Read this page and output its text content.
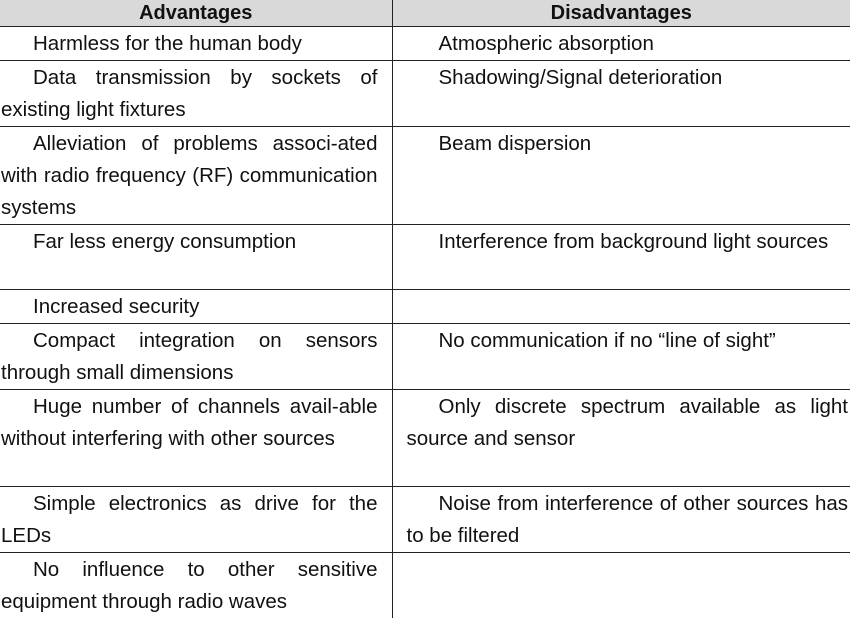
Advantages	Disadvantages
Harmless for the human body	Atmospheric absorption
Data transmission by sockets of existing light fixtures	Shadowing/Signal deterioration
Alleviation of problems associ-ated with radio frequency (RF) communication systems	Beam dispersion
Far less energy consumption	Interference from background light sources
Increased security	
Compact integration on sensors through small dimensions	No communication if no “line of sight”
Huge number of channels avail-able without interfering with other sources	Only discrete spectrum available as light source and sensor
Simple electronics as drive for the LEDs	Noise from interference of other sources has to be filtered
No influence to other sensitive equipment through radio waves	
